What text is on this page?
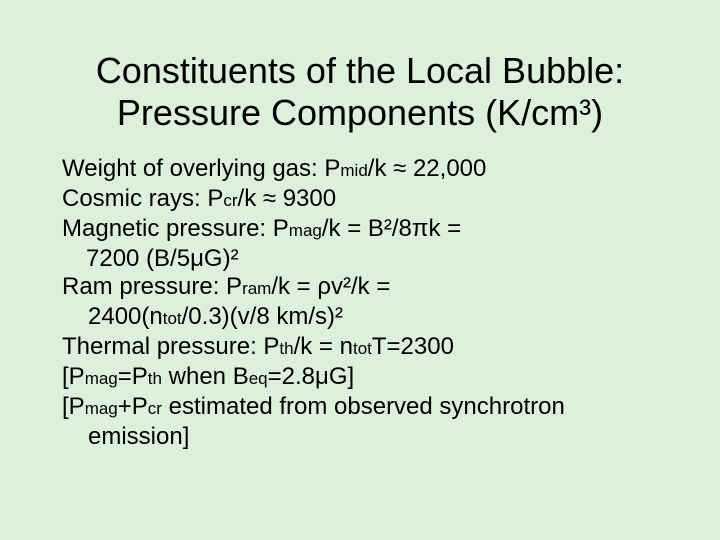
Constituents of the Local Bubble:
Pressure Components (K/cm³)
Weight of overlying gas: Pmid/k ≈ 22,000
Cosmic rays: Pcr/k ≈ 9300
Magnetic pressure: Pmag/k = B²/8πk =
7200 (B/5μG)²
Ram pressure: Pram/k = ρv²/k =
2400(ntot/0.3)(v/8 km/s)²
Thermal pressure: Pth/k = ntotT=2300
[Pmag=Pth when Beq=2.8μG]
[Pmag+Pcr estimated from observed synchrotron
emission]
